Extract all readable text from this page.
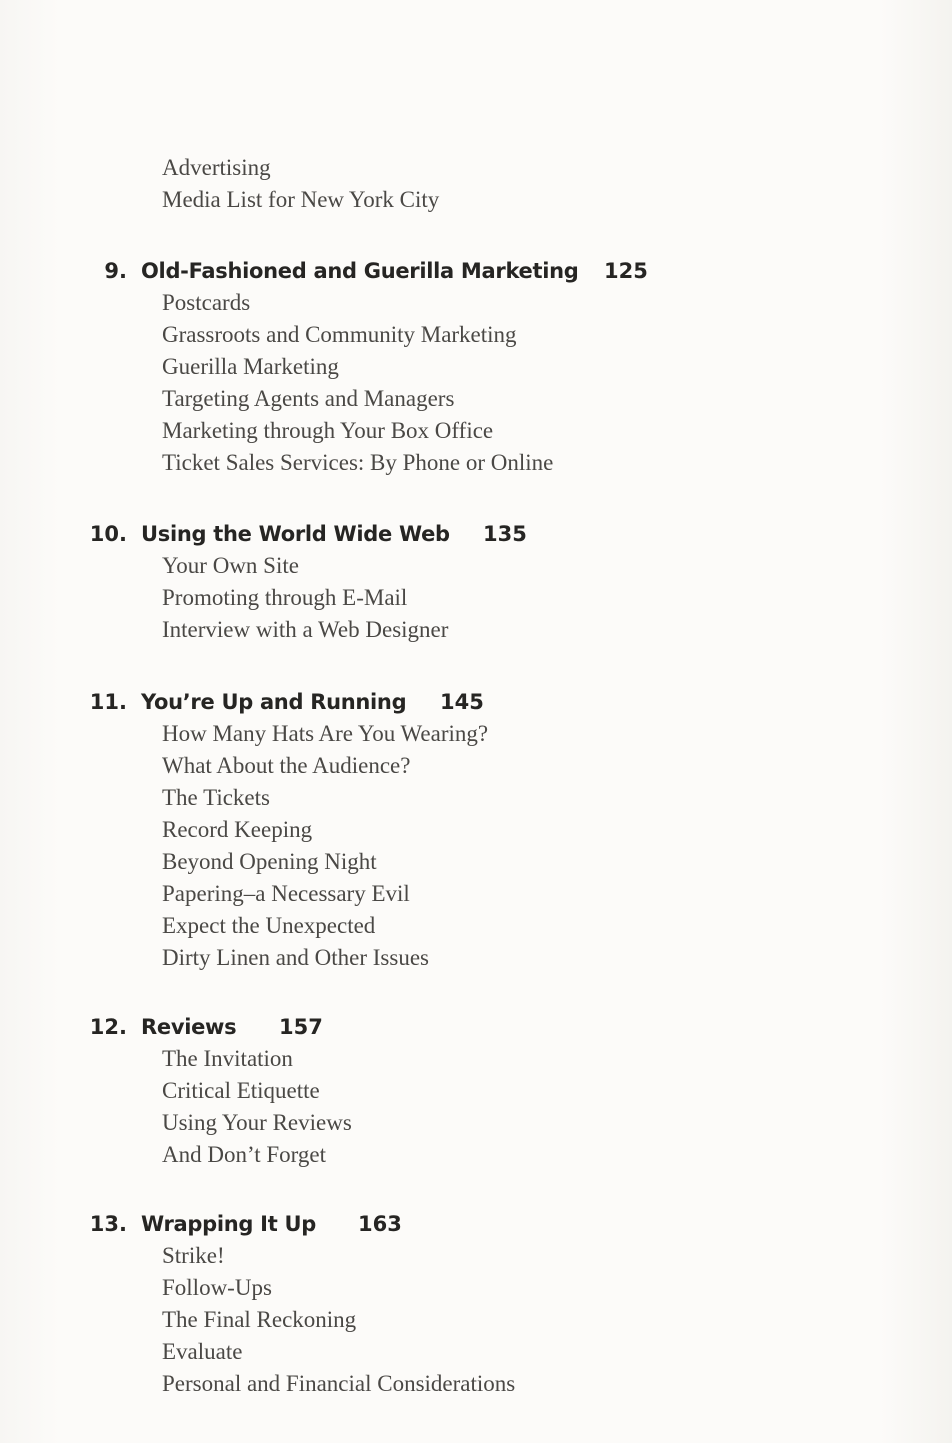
Advertising
Media List for New York City
9. Old-Fashioned and Guerilla Marketing 125
Postcards
Grassroots and Community Marketing
Guerilla Marketing
Targeting Agents and Managers
Marketing through Your Box Office
Ticket Sales Services: By Phone or Online
10. Using the World Wide Web 135
Your Own Site
Promoting through E-Mail
Interview with a Web Designer
11. You’re Up and Running 145
How Many Hats Are You Wearing?
What About the Audience?
The Tickets
Record Keeping
Beyond Opening Night
Papering–a Necessary Evil
Expect the Unexpected
Dirty Linen and Other Issues
12. Reviews 157
The Invitation
Critical Etiquette
Using Your Reviews
And Don’t Forget
13. Wrapping It Up 163
Strike!
Follow-Ups
The Final Reckoning
Evaluate
Personal and Financial Considerations
